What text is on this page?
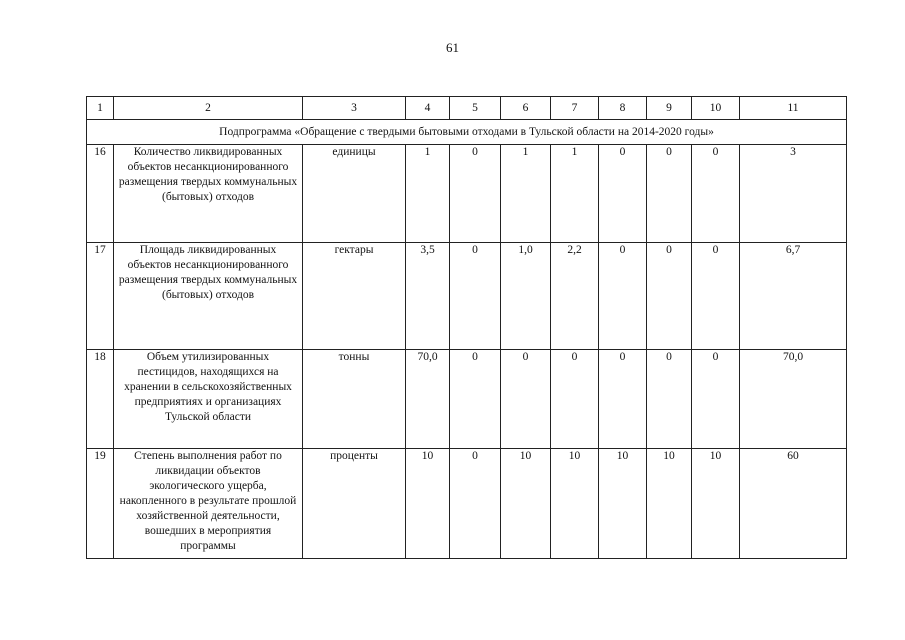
61
1	2	3	4	5	6	7	8	9	10	11
Подпрограмма «Обращение с твердыми бытовыми отходами в Тульской области на 2014-2020 годы»										
16	Количество ликвидированных объектов несанкционированного размещения твердых коммунальных (бытовых) отходов	единицы	1	0	1	1	0	0	0	3
17	Площадь ликвидированных объектов несанкционированного размещения твердых коммунальных (бытовых) отходов	гектары	3,5	0	1,0	2,2	0	0	0	6,7
18	Объем утилизированных пестицидов, находящихся на хранении в сельскохозяйственных предприятиях и организациях Тульской области	тонны	70,0	0	0	0	0	0	0	70,0
19	Степень выполнения работ по ликвидации объектов экологического ущерба, накопленного в результате прошлой хозяйственной деятельности, вошедших в мероприятия программы	проценты	10	0	10	10	10	10	10	60
